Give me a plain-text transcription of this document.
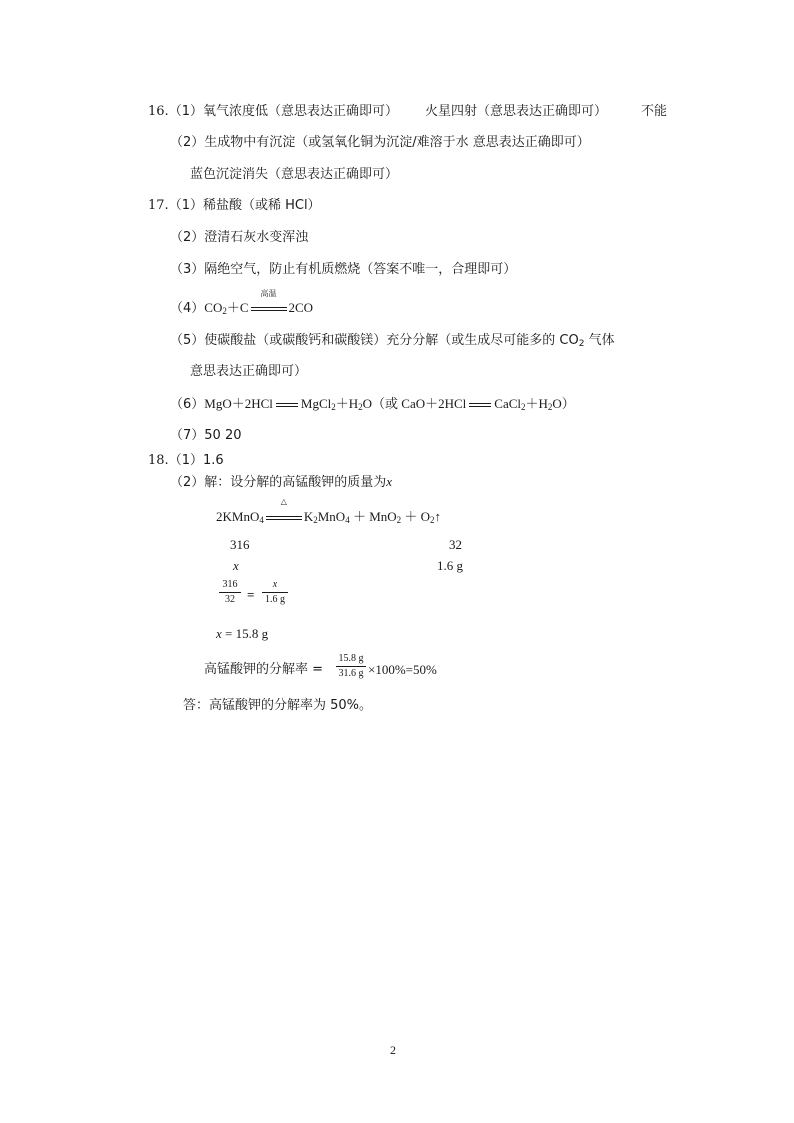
16.（1）氧气浓度低（意思表达正确即可） 火星四射（意思表达正确即可）	不能
（2）生成物中有沉淀（或氢氧化铜为沉淀/难溶于水 意思表达正确即可）
蓝色沉淀消失（意思表达正确即可）
17.（1）稀盐酸（或稀 HCl）
（2）澄清石灰水变浑浊
（3）隔绝空气，防止有机质燃烧（答案不唯一，合理即可）
$(4)CO_2+C$
高温
2CO
（5）使碳酸盐（或碳酸钙和碳酸镁）充分分解（或生成尽可能多的 $CO_2$ 气体
意思表达正确即可）
（6）MgO＋2HCl $MgCl_2+H_2O$（或 CaO＋2HCl $CaCl_2+H_2O$）
（7）50 20
18.（1）1.6
（2）解：设分解的高锰酸钾的质量为x
2KMnO$_4$
△
$K_2MnO_4 + MnO_2$ ＋ $O_2↑$
316	32
x	1.6 g
316
32 =
x
1.6 g
x = 15.8 g
高锰酸钾的分解率 =
15.8 g
31.6 g ×100%=50%
答：高锰酸钾的分解率为 50%。
2
